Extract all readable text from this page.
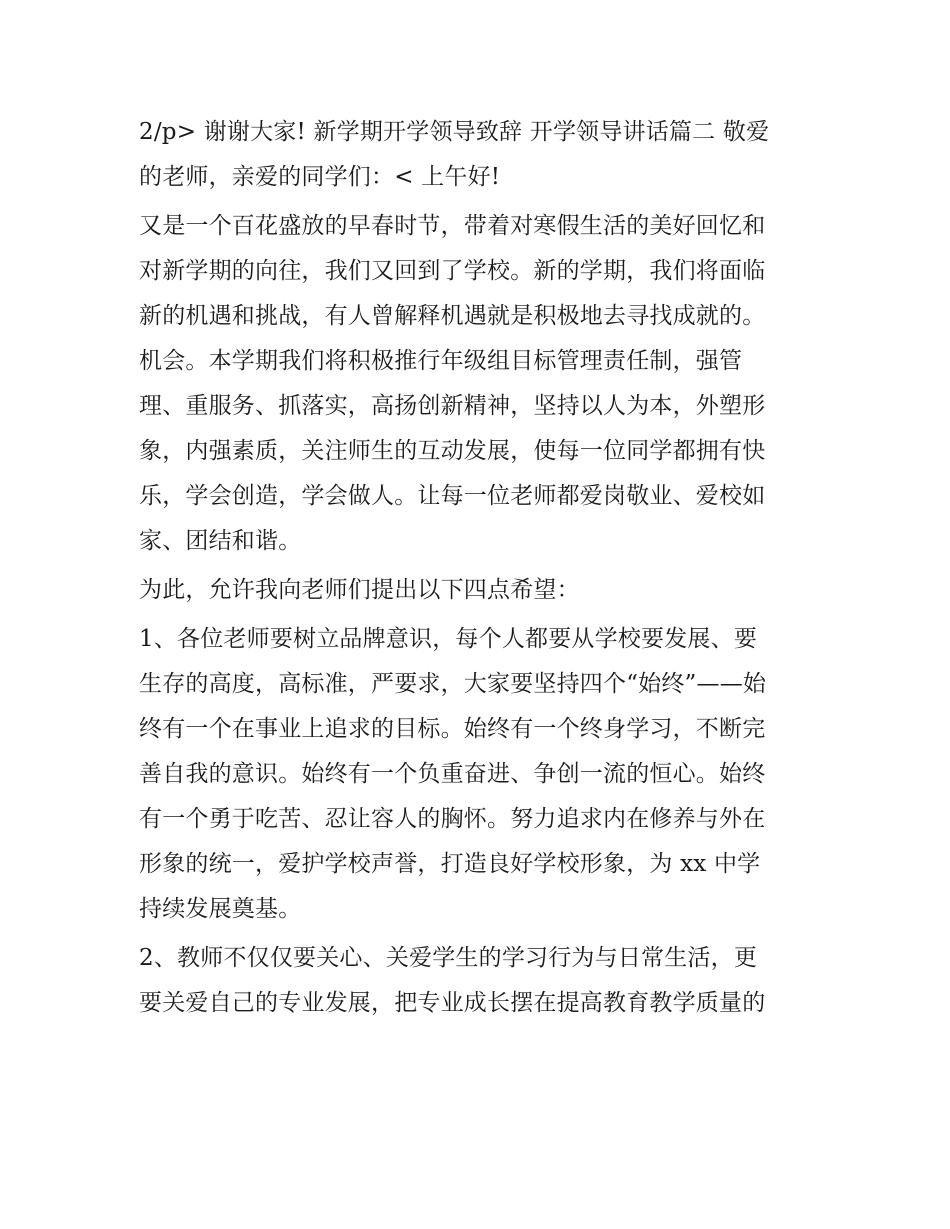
2/p> 谢谢大家! 新学期开学领导致辞 开学领导讲话篇二 敬爱
的老师，亲爱的同学们：< 上午好!
又是一个百花盛放的早春时节，带着对寒假生活的美好回忆和
对新学期的向往，我们又回到了学校。新的学期，我们将面临
新的机遇和挑战，有人曾解释机遇就是积极地去寻找成就的。
机会。本学期我们将积极推行年级组目标管理责任制，强管
理、重服务、抓落实，高扬创新精神，坚持以人为本，外塑形
象，内强素质，关注师生的互动发展，使每一位同学都拥有快
乐，学会创造，学会做人。让每一位老师都爱岗敬业、爱校如
家、团结和谐。
为此，允许我向老师们提出以下四点希望：
1、各位老师要树立品牌意识，每个人都要从学校要发展、要
生存的高度，高标准，严要求，大家要坚持四个“始终”——始
终有一个在事业上追求的目标。始终有一个终身学习，不断完
善自我的意识。始终有一个负重奋进、争创一流的恒心。始终
有一个勇于吃苦、忍让容人的胸怀。努力追求内在修养与外在
形象的统一，爱护学校声誉，打造良好学校形象，为 xx 中学
持续发展奠基。
2、教师不仅仅要关心、关爱学生的学习行为与日常生活，更
要关爱自己的专业发展，把专业成长摆在提高教育教学质量的
